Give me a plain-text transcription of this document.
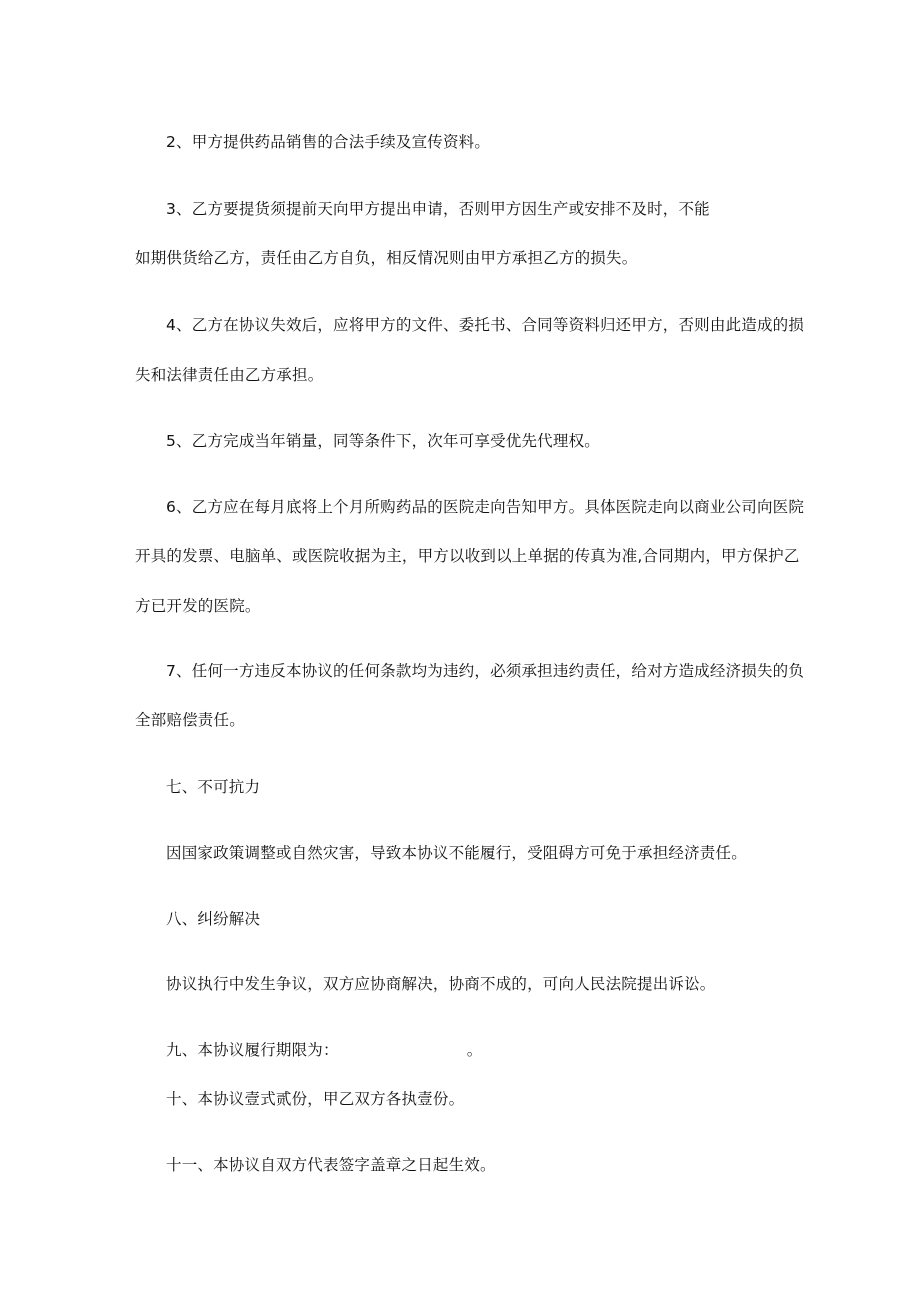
2、甲方提供药品销售的合法手续及宣传资料。
3、乙方要提货须提前天向甲方提出申请，否则甲方因生产或安排不及时，不能
如期供货给乙方，责任由乙方自负，相反情况则由甲方承担乙方的损失。
4、乙方在协议失效后，应将甲方的文件、委托书、合同等资料归还甲方，否则由此造成的损
失和法律责任由乙方承担。
5、乙方完成当年销量，同等条件下，次年可享受优先代理权。
6、乙方应在每月底将上个月所购药品的医院走向告知甲方。具体医院走向以商业公司向医院
开具的发票、电脑单、或医院收据为主，甲方以收到以上单据的传真为准,合同期内，甲方保护乙
方已开发的医院。
7、任何一方违反本协议的任何条款均为违约，必须承担违约责任，给对方造成经济损失的负
全部赔偿责任。
七、不可抗力
因国家政策调整或自然灾害，导致本协议不能履行，受阻碍方可免于承担经济责任。
八、纠纷解决
协议执行中发生争议，双方应协商解决，协商不成的，可向人民法院提出诉讼。
九、本协议履行期限为：	。
十、本协议壹式贰份，甲乙双方各执壹份。
十一、本协议自双方代表签字盖章之日起生效。
